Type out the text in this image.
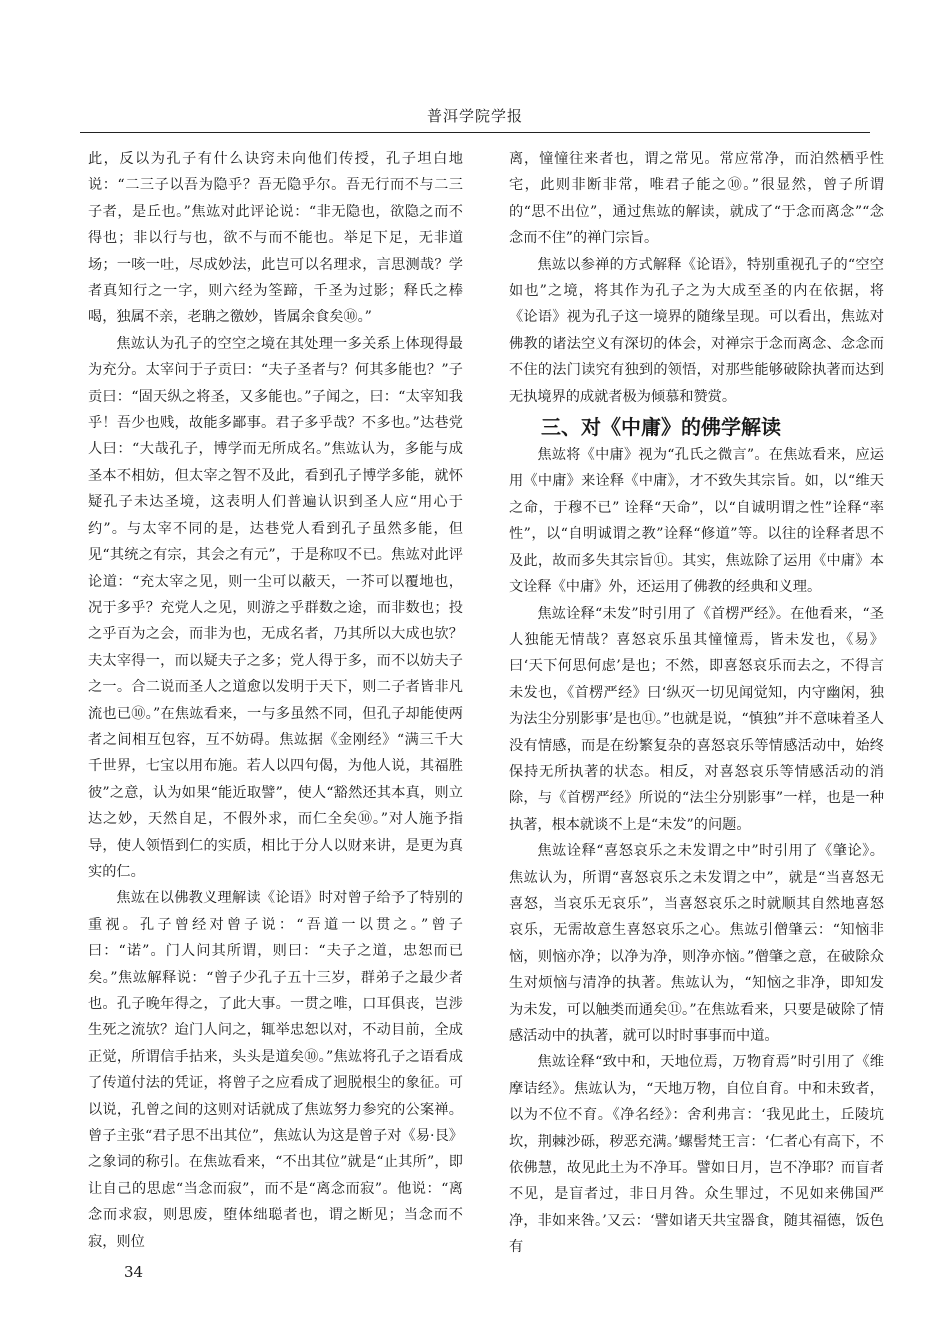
普洱学院学报

此，反以为孔子有什么诀窍未向他们传授，孔子坦白地说：“二三子以吾为隐乎？吾无隐乎尔。吾无行而不与二三子者，是丘也。”焦竑对此评论说：“非无隐也，欲隐之而不得也；非以行与也，欲不与而不能也。举足下足，无非道场；一咳一吐，尽成妙法，此岂可以名理求，言思测哉？学者真知行之一字，则六经为筌蹄，千圣为过影；释氏之棒喝，独属不亲，老聃之徼妙，皆属余食矣⑩。”

焦竑认为孔子的空空之境在其处理一多关系上体现得最为充分。太宰问于子贡曰：“夫子圣者与？何其多能也？”子贡曰：“固天纵之将圣，又多能也。”子闻之，曰：“太宰知我乎！吾少也贱，故能多鄙事。君子多乎哉？不多也。”达巷党人曰：“大哉孔子，博学而无所成名。”焦竑认为，多能与成圣本不相妨，但太宰之智不及此，看到孔子博学多能，就怀疑孔子未达圣境，这表明人们普遍认识到圣人应“用心于约”。与太宰不同的是，达巷党人看到孔子虽然多能，但见“其统之有宗，其会之有元”，于是称叹不已。焦竑对此评论道：“充太宰之见，则一尘可以蔽天，一芥可以覆地也，况于多乎？充党人之见，则游之乎群数之途，而非数也；投之乎百为之会，而非为也，无成名者，乃其所以大成也欤？夫太宰得一，而以疑夫子之多；党人得于多，而不以妨夫子之一。合二说而圣人之道愈以发明于天下，则二子者皆非凡流也已⑩。”在焦竑看来，一与多虽然不同，但孔子却能使两者之间相互包容，互不妨碍。焦竑据《金刚经》“满三千大千世界，七宝以用布施。若人以四句偈，为他人说，其福胜彼”之意，认为如果“能近取譬”，使人“豁然还其本真，则立达之妙，天然自足，不假外求，而仁全矣⑩。”对人施予指导，使人领悟到仁的实质，相比于分人以财来讲，是更为真实的仁。

焦竑在以佛教义理解读《论语》时对曾子给予了特别的重视。孔子曾经对曾子说：“吾道一以贯之。”曾子曰：“诺”。门人问其所谓，则曰：“夫子之道，忠恕而已矣。”焦竑解释说：“曾子少孔子五十三岁，群弟子之最少者也。孔子晚年得之，了此大事。一贯之唯，口耳俱丧，岂涉生死之流欤？迨门人问之，辄举忠恕以对，不动目前，全成正觉，所谓信手拈来，头头是道矣⑩。”焦竑将孔子之语看成了传道付法的凭证，将曾子之应看成了迥脱根尘的象征。可以说，孔曾之间的这则对话就成了焦竑努力参究的公案禅。曾子主张“君子思不出其位”，焦竑认为这是曾子对《易·艮》之象词的称引。在焦竑看来，“不出其位”就是“止其所”，即让自己的思虑“当念而寂”，而不是“离念而寂”。他说：“离念而求寂，则思废，堕体绌聪者也，谓之断见；当念而不寂，则位

离，憧憧往来者也，谓之常见。常应常净，而泊然栖乎性宅，此则非断非常，唯君子能之⑩。”很显然，曾子所谓的“思不出位”，通过焦竑的解读，就成了“于念而离念”“念念而不住”的禅门宗旨。

焦竑以参禅的方式解释《论语》，特别重视孔子的“空空如也”之境，将其作为孔子之为大成至圣的内在依据，将《论语》视为孔子这一境界的随缘呈现。可以看出，焦竑对佛教的诸法空义有深切的体会，对禅宗于念而离念、念念而不住的法门读究有独到的领悟，对那些能够破除执著而达到无执境界的成就者极为倾慕和赞赏。

三、对《中庸》的佛学解读

焦竑将《中庸》视为“孔氏之微言”。在焦竑看来，应运用《中庸》来诠释《中庸》，才不致失其宗旨。如，以“维天之命，于穆不已” 诠释“天命”，以“自诚明谓之性”诠释“率性”，以“自明诚谓之教”诠释“修道”等。以往的诠释者思不及此，故而多失其宗旨⑪。其实，焦竑除了运用《中庸》本文诠释《中庸》外，还运用了佛教的经典和义理。

焦竑诠释“未发”时引用了《首楞严经》。在他看来，“圣人独能无情哉？喜怒哀乐虽其憧憧焉，皆未发也，《易》曰‘天下何思何虑’是也；不然，即喜怒哀乐而去之，不得言未发也，《首楞严经》曰‘纵灭一切见闻觉知，内守幽闲，独为法尘分别影事’是也⑪。”也就是说，“慎独”并不意味着圣人没有情感，而是在纷繁复杂的喜怒哀乐等情感活动中，始终保持无所执著的状态。相反，对喜怒哀乐等情感活动的消除，与《首楞严经》所说的“法尘分别影事”一样，也是一种执著，根本就谈不上是“未发”的问题。

焦竑诠释“喜怒哀乐之未发谓之中”时引用了《肇论》。焦竑认为，所谓“喜怒哀乐之未发谓之中”，就是“当喜怒无喜怒，当哀乐无哀乐”，当喜怒哀乐之时就顺其自然地喜怒哀乐，无需故意生喜怒哀乐之心。焦竑引僧肇云：“知恼非恼，则恼亦净；以净为净，则净亦恼。”僧肇之意，在破除众生对烦恼与清净的执著。焦竑认为，“知恼之非净，即知发为未发，可以触类而通矣⑪。”在焦竑看来，只要是破除了情感活动中的执著，就可以时时事事而中道。

焦竑诠释“致中和，天地位焉，万物育焉”时引用了《维摩诘经》。焦竑认为，“天地万物，自位自育。中和未致者，以为不位不育。《净名经》：舍利弗言：‘我见此土，丘陵坑坎，荆棘沙砾，秽恶充满。’螺髻梵王言：‘仁者心有高下，不依佛慧，故见此土为不净耳。譬如日月，岂不净耶？而盲者不见，是盲者过，非日月咎。众生罪过，不见如来佛国严净，非如来咎。’又云：‘譬如诸天共宝器食，随其福德，饭色有

34
